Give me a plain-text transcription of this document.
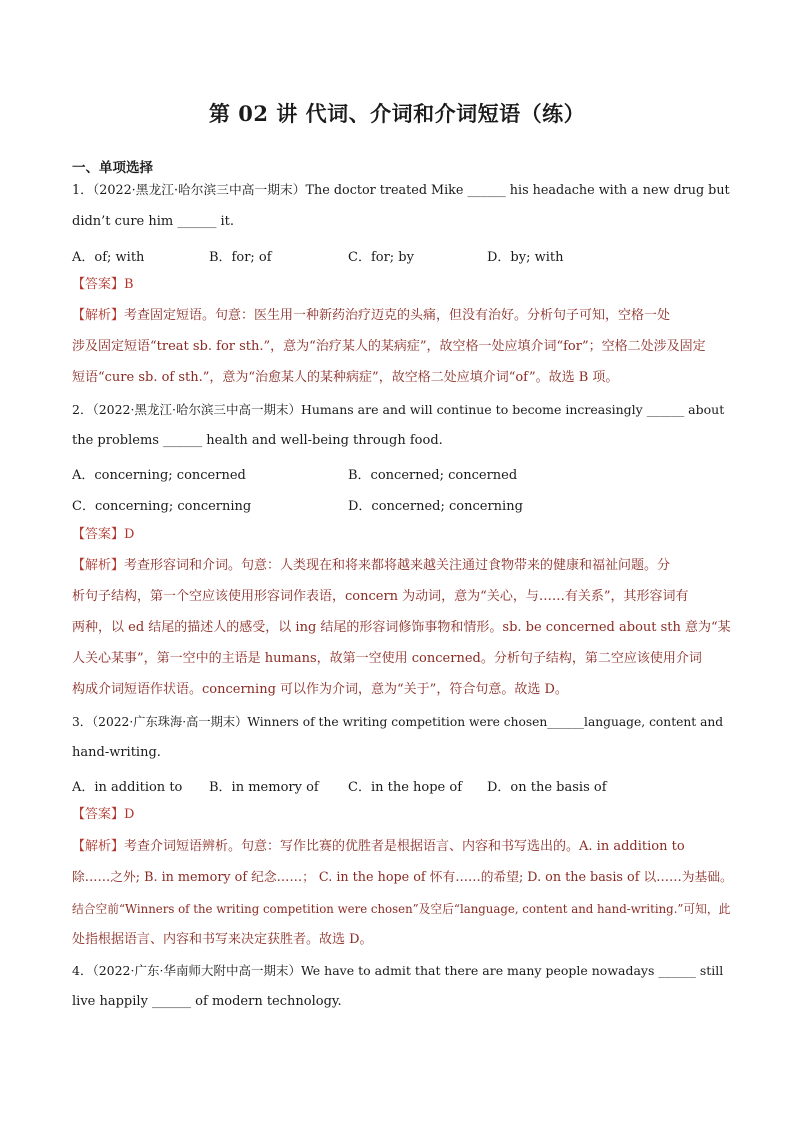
第 02 讲 代词、介词和介词短语（练）
一、单项选择
1．（2022·黑龙江·哈尔滨三中高一期末）The doctor treated Mike ______ his headache with a new drug but
didn’t cure him ______ it.
A．of; with	B．for; of	C．for; by	D．by; with
【答案】B
【解析】考查固定短语。句意：医生用一种新药治疗迈克的头痛，但没有治好。分析句子可知，空格一处
涉及固定短语“treat sb. for sth.”，意为“治疗某人的某病症”，故空格一处应填介词“for”；空格二处涉及固定
短语“cure sb. of sth.”，意为“治愈某人的某种病症”，故空格二处应填介词“of”。故选 B 项。
2．（2022·黑龙江·哈尔滨三中高一期末）Humans are and will continue to become increasingly ______ about
the problems ______ health and well-being through food.
A．concerning; concerned	B．concerned; concerned
C．concerning; concerning	D．concerned; concerning
【答案】D
【解析】考查形容词和介词。句意：人类现在和将来都将越来越关注通过食物带来的健康和福祉问题。分
析句子结构，第一个空应该使用形容词作表语，concern 为动词，意为“关心，与……有关系”，其形容词有
两种，以 ed 结尾的描述人的感受，以 ing 结尾的形容词修饰事物和情形。sb. be concerned about sth 意为“某
人关心某事”，第一空中的主语是 humans，故第一空使用 concerned。分析句子结构，第二空应该使用介词
构成介词短语作状语。concerning 可以作为介词，意为“关于”，符合句意。故选 D。
3．（2022·广东珠海·高一期末）Winners of the writing competition were chosen______language, content and
hand-writing.
A．in addition to B．in memory of C．in the hope of D．on the basis of
【答案】D
【解析】考查介词短语辨析。句意：写作比赛的优胜者是根据语言、内容和书写选出的。A. in addition to
除……之外; B. in memory of 纪念……； C. in the hope of 怀有……的希望; D. on the basis of 以……为基础。
结合空前“Winners of the writing competition were chosen”及空后“language, content and hand-writing.”可知，此
处指根据语言、内容和书写来决定获胜者。故选 D。
4．（2022·广东·华南师大附中高一期末）We have to admit that there are many people nowadays ______ still
live happily ______ of modern technology.
